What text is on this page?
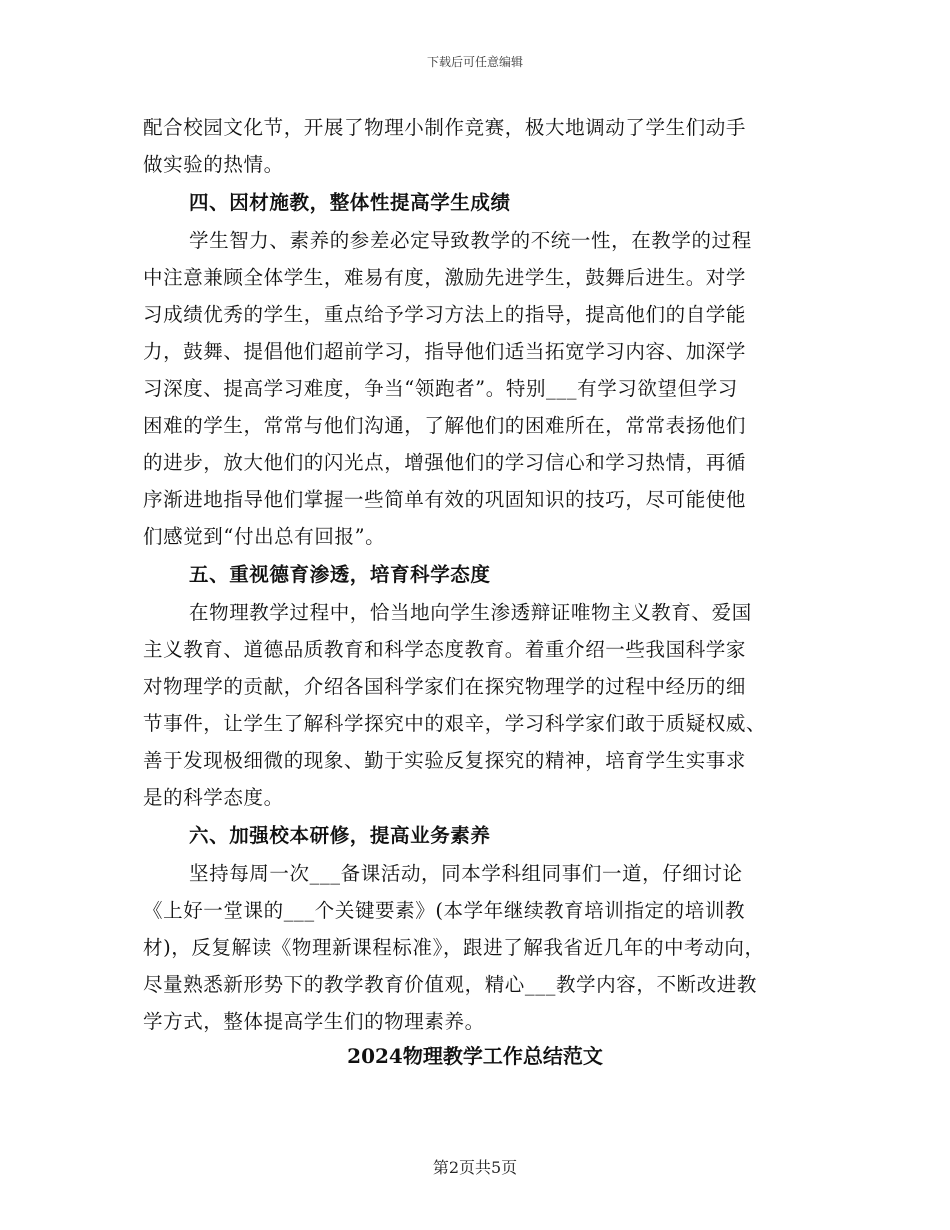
下载后可任意编辑
配合校园文化节，开展了物理小制作竞赛，极大地调动了学生们动手
做实验的热情。
四、因材施教，整体性提高学生成绩
学生智力、素养的参差必定导致教学的不统一性，在教学的过程
中注意兼顾全体学生，难易有度，激励先进学生，鼓舞后进生。对学
习成绩优秀的学生，重点给予学习方法上的指导，提高他们的自学能
力，鼓舞、提倡他们超前学习，指导他们适当拓宽学习内容、加深学
习深度、提高学习难度，争当“领跑者”。特别___有学习欲望但学习
困难的学生，常常与他们沟通，了解他们的困难所在，常常表扬他们
的进步，放大他们的闪光点，增强他们的学习信心和学习热情，再循
序渐进地指导他们掌握一些简单有效的巩固知识的技巧，尽可能使他
们感觉到“付出总有回报”。
五、重视德育渗透，培育科学态度
在物理教学过程中，恰当地向学生渗透辩证唯物主义教育、爱国
主义教育、道德品质教育和科学态度教育。着重介绍一些我国科学家
对物理学的贡献，介绍各国科学家们在探究物理学的过程中经历的细
节事件，让学生了解科学探究中的艰辛，学习科学家们敢于质疑权威、
善于发现极细微的现象、勤于实验反复探究的精神，培育学生实事求
是的科学态度。
六、加强校本研修，提高业务素养
坚持每周一次___备课活动，同本学科组同事们一道，仔细讨论
《上好一堂课的___个关键要素》(本学年继续教育培训指定的培训教
材)，反复解读《物理新课程标准》，跟进了解我省近几年的中考动向，
尽量熟悉新形势下的教学教育价值观，精心___教学内容，不断改进教
学方式，整体提高学生们的物理素养。
2024物理教学工作总结范文
第2页共5页
